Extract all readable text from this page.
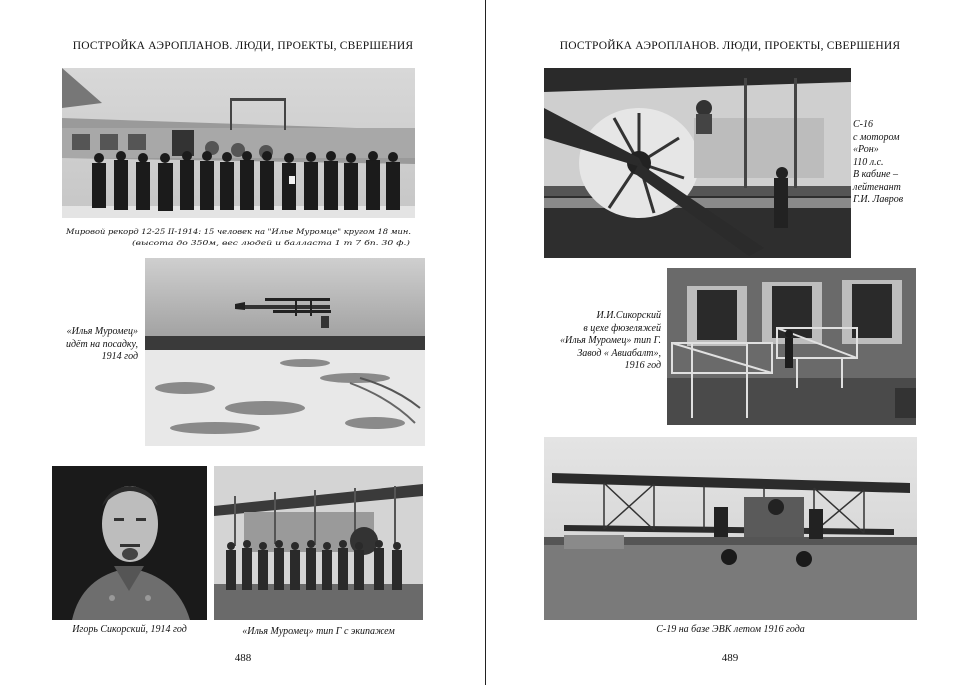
ПОСТРОЙКА АЭРОПЛАНОВ. ЛЮДИ, ПРОЕКТЫ, СВЕРШЕНИЯ
Мировой рекорд 12-25 ІІ-1914: 15 человек на "Илье Муромце" кругом 18 мин.
(высота до 350м, вес людей и балласта 1 т 7 бп. 30 ф.)
«Илья Муромец»
идёт на посадку,
1914 год
Игорь Сикорский, 1914 год	«Илья Муромец» тип Г с экипажем
488
ПОСТРОЙКА АЭРОПЛАНОВ. ЛЮДИ, ПРОЕКТЫ, СВЕРШЕНИЯ
С-16
с мотором
«Рон»
110 л.с.
В кабине –
лейтенант
Г.И. Лавров
И.И.Сикорский
в цехе фюзеляжей
«Илья Муромец» тип Г.
Завод « Авиабалт»,
1916 год
С-19 на базе ЭВК летом 1916 года
489
